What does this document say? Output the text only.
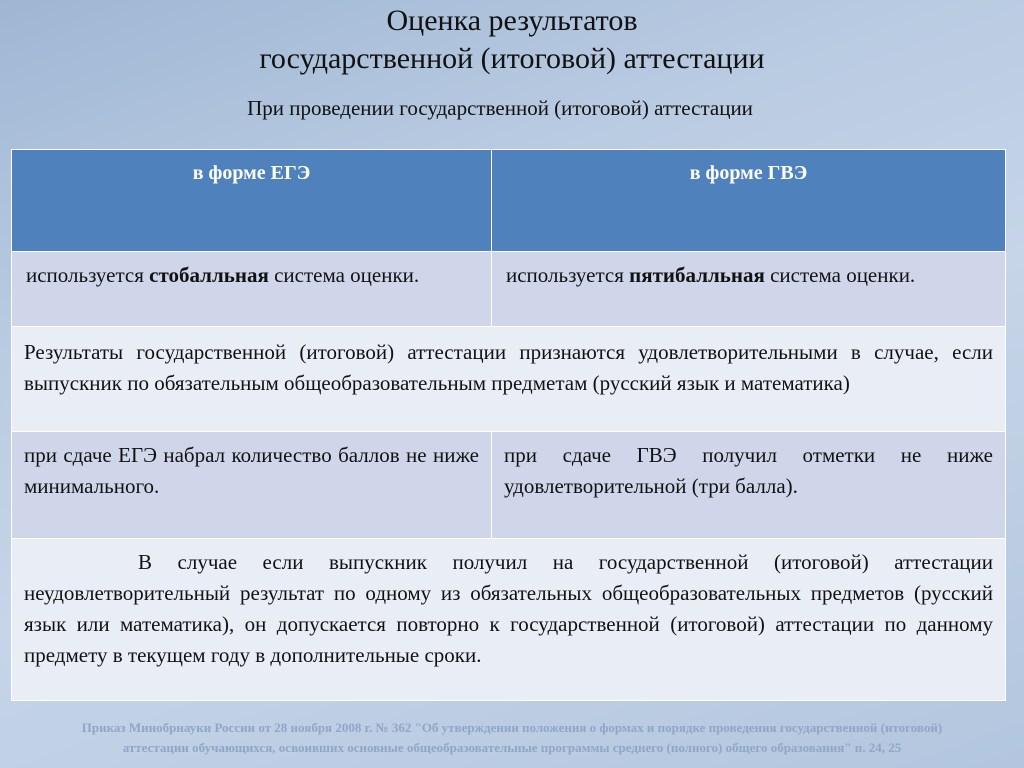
Оценка результатов
государственной (итоговой) аттестации
При проведении государственной (итоговой) аттестации
в форме ЕГЭ	в форме ГВЭ

используется стобалльная система оценки.	используется пятибалльная система оценки.

Результаты государственной (итоговой) аттестации признаются удовлетворительными в случае, если выпускник по обязательным общеобразовательным предметам (русский язык и математика)	

при сдаче ЕГЭ набрал количество баллов не ниже минимального.	при сдаче ГВЭ получил отметки не ниже удовлетворительной (три балла).

В случае если выпускник получил на государственной (итоговой) аттестации неудовлетворительный результат по одному из обязательных общеобразовательных предметов (русский язык или математика), он допускается повторно к государственной (итоговой) аттестации по данному предмету в текущем году в дополнительные сроки.	
Приказ Минобрнауки России от 28 ноября 2008 г. № 362 "Об утверждении положения о формах и порядке проведения государственной (итоговой)
аттестации обучающихся, освоивших основные общеобразовательные программы среднего (полного) общего образования" п. 24, 25
